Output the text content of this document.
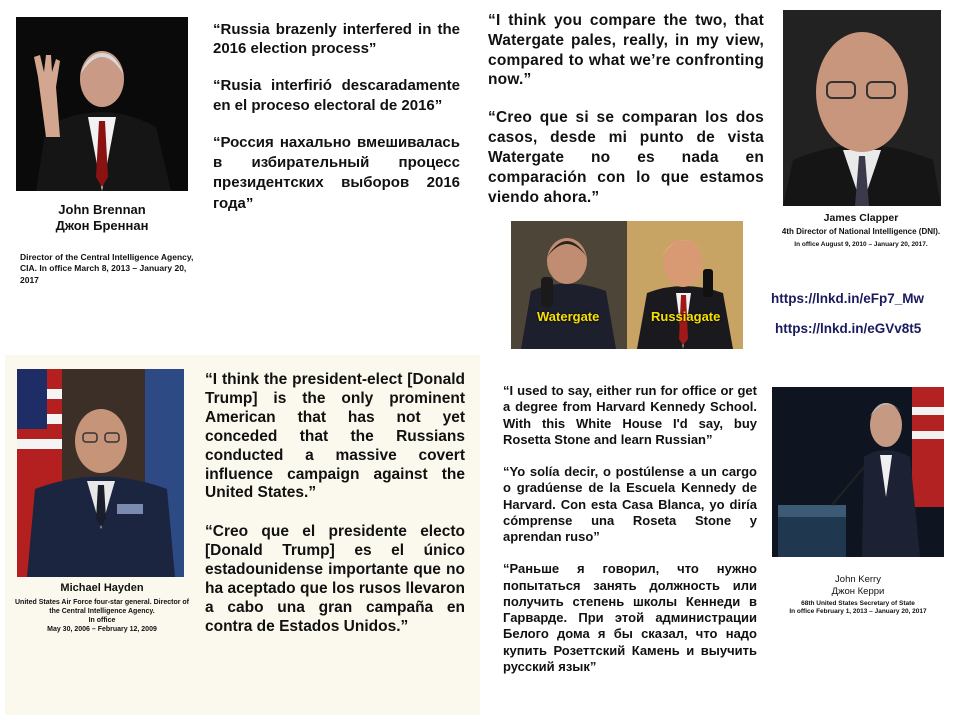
“Russia brazenly interfered in the 2016 election process”

“Rusia interfirió descaradamente en el proceso electoral de 2016”

“Россия нахально вмешивалась в избирательный процесс президентских выборов 2016 года”

John Brennan
Джон Бреннан
Director of the Central Intelligence Agency, CIA. In office March 8, 2013 – January 20, 2017

“I think you compare the two, that Watergate pales, really, in my view, compared to what we’re confronting now.”

“Creo que si se comparan los dos casos, desde mi punto de vista Watergate no es nada en comparación con lo que estamos viendo ahora.”

James Clapper
4th Director of National Intelligence (DNI).
In office August 9, 2010 – January 20, 2017.
Watergate	Russiagate
https://lnkd.in/eFp7_Mw
https://lnkd.in/eGVv8t5

“I think the president-elect [Donald Trump] is the only prominent American that has not yet conceded that the Russians conducted a massive covert influence campaign against the United States.”

“Creo que el presidente electo [Donald Trump] es el único estadounidense importante que no ha aceptado que los rusos llevaron a cabo una gran campaña en contra de Estados Unidos.”

Michael Hayden
United States Air Force four-star general. Director of the Central Intelligence Agency.
In office
May 30, 2006 – February 12, 2009

“I used to say, either run for office or get a degree from Harvard Kennedy School. With this White House I'd say, buy Rosetta Stone and learn Russian”

“Yo solía decir, o postúlense a un cargo o gradúense de la Escuela Kennedy de Harvard. Con esta Casa Blanca, yo diría cómprense una Roseta Stone y aprendan ruso”

“Раньше я говорил, что нужно попытаться занять должность или получить степень школы Кеннеди в Гарварде. При этой администрации Белого дома я бы сказал, что надо купить Розеттский Камень и выучить русский язык”

John Kerry
Джон Керри
68th United States Secretary of State
In office February 1, 2013 – January 20, 2017
